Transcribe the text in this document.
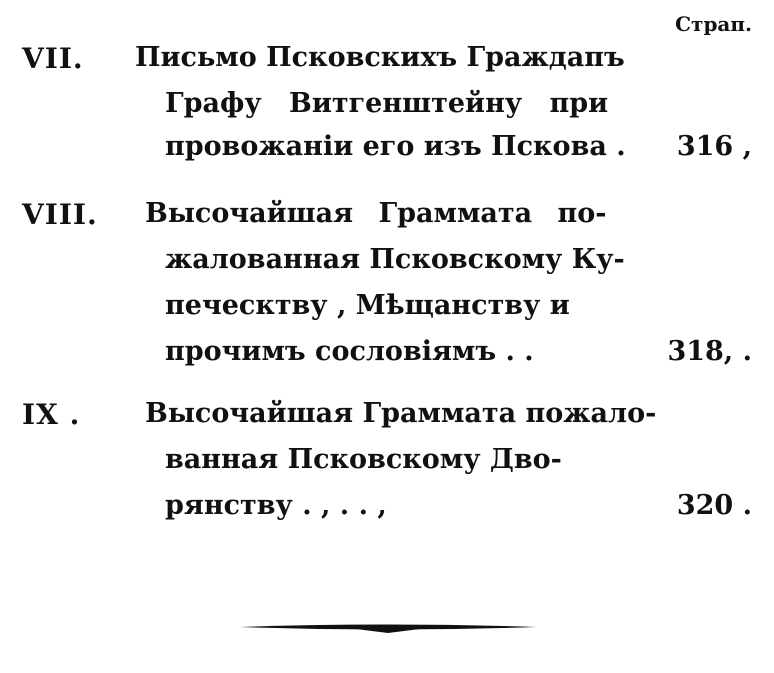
Страп.
VII. Письмо Псковскихъ Граждапъ
Графу Витгенштейну при
провожаніи его изъ Пскова . 316 ,
VIII. Высочайшая Граммата по-
жалованная Псковскому Ку-
печесктву , Мѣщанству и
прочимъ сословіямъ . .	318, .
IX . Высочайшая Граммата пожало-
ванная Псковскому Дво-
рянству . , . . ,	320 .
